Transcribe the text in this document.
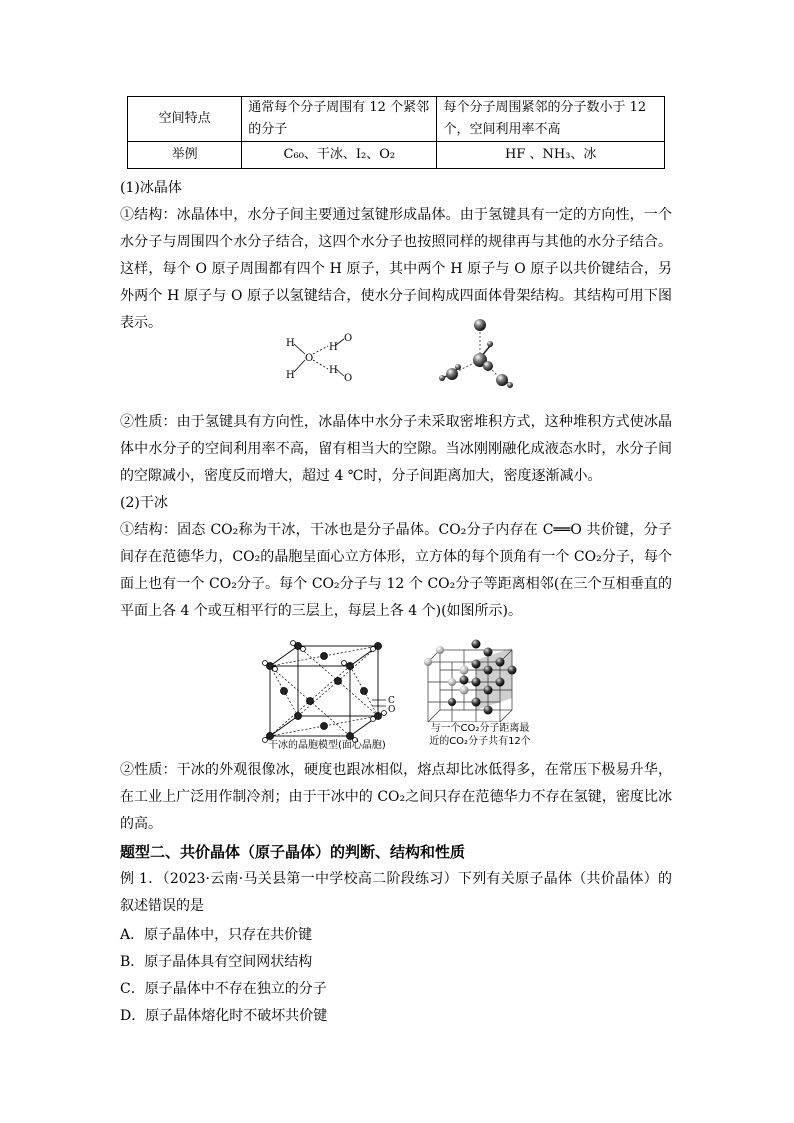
空间特点	通常每个分子周围有 12 个紧邻的分子	每个分子周围紧邻的分子数小于 12 个，空间利用率不高
举例	C₆₀、干冰、I₂、O₂	HF 、NH₃、冰
(1)冰晶体
①结构：冰晶体中，水分子间主要通过氢键形成晶体。由于氢键具有一定的方向性，一个水分子与周围四个水分子结合，这四个水分子也按照同样的规律再与其他的水分子结合。这样，每个 O 原子周围都有四个 H 原子，其中两个 H 原子与 O 原子以共价键结合，另外两个 H 原子与 O 原子以氢键结合，使水分子间构成四面体骨架结构。其结构可用下图表示。
H
H
O
H
H
O
O
②性质：由于氢键具有方向性，冰晶体中水分子未采取密堆积方式，这种堆积方式使冰晶体中水分子的空间利用率不高，留有相当大的空隙。当冰刚刚融化成液态水时，水分子间的空隙减小，密度反而增大，超过 4 ℃时，分子间距离加大，密度逐渐减小。
(2)干冰
①结构：固态 CO₂称为干冰，干冰也是分子晶体。CO₂分子内存在 C══O 共价键，分子间存在范德华力，CO₂的晶胞呈面心立方体形，立方体的每个顶角有一个 CO₂分子，每个面上也有一个 CO₂分子。每个 CO₂分子与 12 个 CO₂分子等距离相邻(在三个互相垂直的平面上各 4 个或互相平行的三层上，每层上各 4 个)(如图所示)。
C
O
干冰的晶胞模型(面心晶胞)
与一个CO₂分子距离最
近的CO₂分子共有12个
②性质：干冰的外观很像冰，硬度也跟冰相似，熔点却比冰低得多，在常压下极易升华，在工业上广泛用作制冷剂；由于干冰中的 CO₂之间只存在范德华力不存在氢键，密度比冰的高。
题型二、共价晶体（原子晶体）的判断、结构和性质
例 1．（2023·云南·马关县第一中学校高二阶段练习）下列有关原子晶体（共价晶体）的叙述错误的是
A．原子晶体中，只存在共价键
B．原子晶体具有空间网状结构
C．原子晶体中不存在独立的分子
D．原子晶体熔化时不破坏共价键
